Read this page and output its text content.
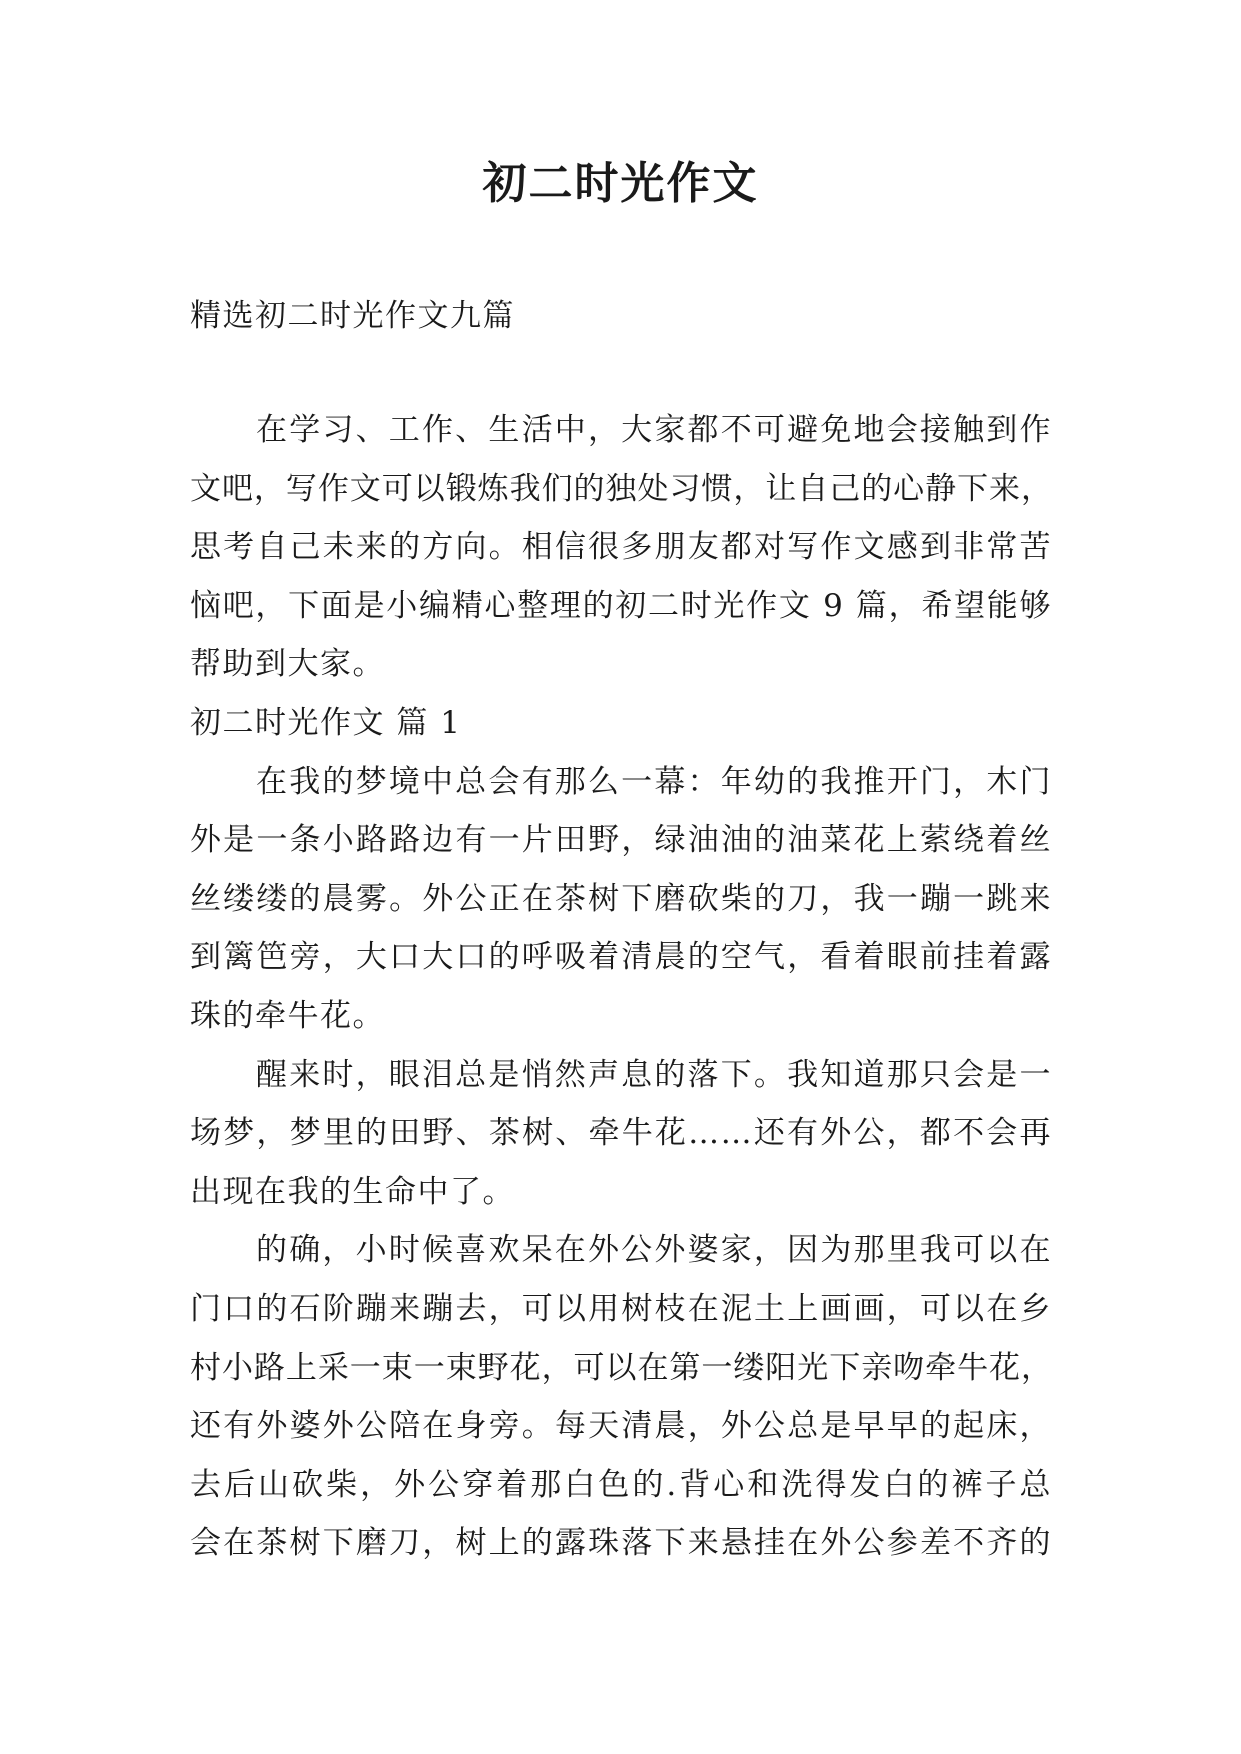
初二时光作文
精选初二时光作文九篇
在学习、工作、生活中，大家都不可避免地会接触到作
文吧，写作文可以锻炼我们的独处习惯，让自己的心静下来，
思考自己未来的方向。相信很多朋友都对写作文感到非常苦
恼吧，下面是小编精心整理的初二时光作文 9 篇，希望能够
帮助到大家。
初二时光作文 篇 1
在我的梦境中总会有那么一幕：年幼的我推开门，木门
外是一条小路路边有一片田野，绿油油的油菜花上萦绕着丝
丝缕缕的晨雾。外公正在茶树下磨砍柴的刀，我一蹦一跳来
到篱笆旁，大口大口的呼吸着清晨的空气，看着眼前挂着露
珠的牵牛花。
醒来时，眼泪总是悄然声息的落下。我知道那只会是一
场梦，梦里的田野、茶树、牵牛花……还有外公，都不会再
出现在我的生命中了。
的确，小时候喜欢呆在外公外婆家，因为那里我可以在
门口的石阶蹦来蹦去，可以用树枝在泥土上画画，可以在乡
村小路上采一束一束野花，可以在第一缕阳光下亲吻牵牛花，
还有外婆外公陪在身旁。每天清晨，外公总是早早的起床，
去后山砍柴，外公穿着那白色的.背心和洗得发白的裤子总
会在茶树下磨刀，树上的露珠落下来悬挂在外公参差不齐的
